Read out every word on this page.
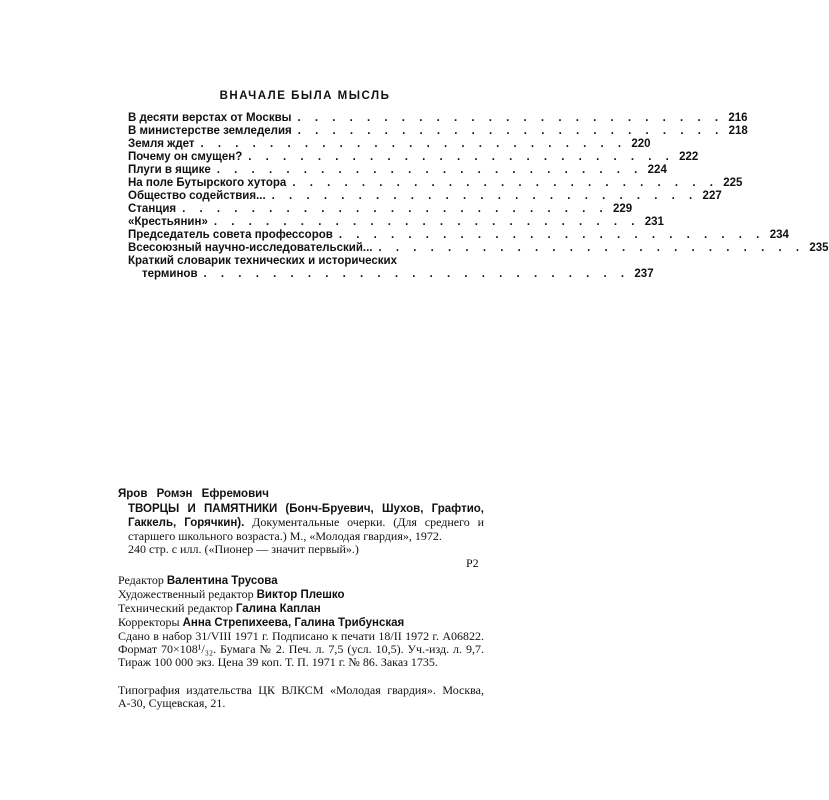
ВНАЧАЛЕ БЫЛА МЫСЛЬ
В десяти верстах от Москвы . . . . . . . . . . . . . . . . . . . . . . . . . 216
В министерстве земледелия . . . . . . . . . . . . . . . . . . . . . . . . . 218
Земля ждет . . . . . . . . . . . . . . . . . . . . . . . . . 220
Почему он смущен? . . . . . . . . . . . . . . . . . . . . . . . . . 222
Плуги в ящике . . . . . . . . . . . . . . . . . . . . . . . . . 224
На поле Бутырского хутора . . . . . . . . . . . . . . . . . . . . . . . . . 225
Общество содействия... . . . . . . . . . . . . . . . . . . . . . . . . . 227
Станция . . . . . . . . . . . . . . . . . . . . . . . . . 229
«Крестьянин» . . . . . . . . . . . . . . . . . . . . . . . . . 231
Председатель совета профессоров . . . . . . . . . . . . . . . . . . . . . . . . . 234
Всесоюзный научно-исследовательский... . . . . . . . . . . . . . . . . . . . . . . . . . 235
Краткий словарик технических и исторических
терминов . . . . . . . . . . . . . . . . . . . . . . . . . 237
Яров Ромэн Ефремович
ТВОРЦЫ И ПАМЯТНИКИ (Бонч-Бруевич, Шухов, Графтио, Гаккель, Горячкин). Документальные очерки. (Для среднего и старшего школьного возраста.) М., «Молодая гвардия», 1972.
240 стр. с илл. («Пионер — значит первый».)
Р2
Редактор Валентина Трусова
Художественный редактор Виктор Плешко
Технический редактор Галина Каплан
Корректоры Анна Стрепихеева, Галина Трибунская
Сдано в набор 31/VIII 1971 г. Подписано к печати 18/II 1972 г. А06822. Формат 70×108¹/₃₂. Бумага № 2. Печ. л. 7,5 (усл. 10,5). Уч.-изд. л. 9,7. Тираж 100 000 экз. Цена 39 коп. Т. П. 1971 г. № 86. Заказ 1735.
Типография издательства ЦК ВЛКСМ «Молодая гвардия». Москва, А-30, Сущевская, 21.
